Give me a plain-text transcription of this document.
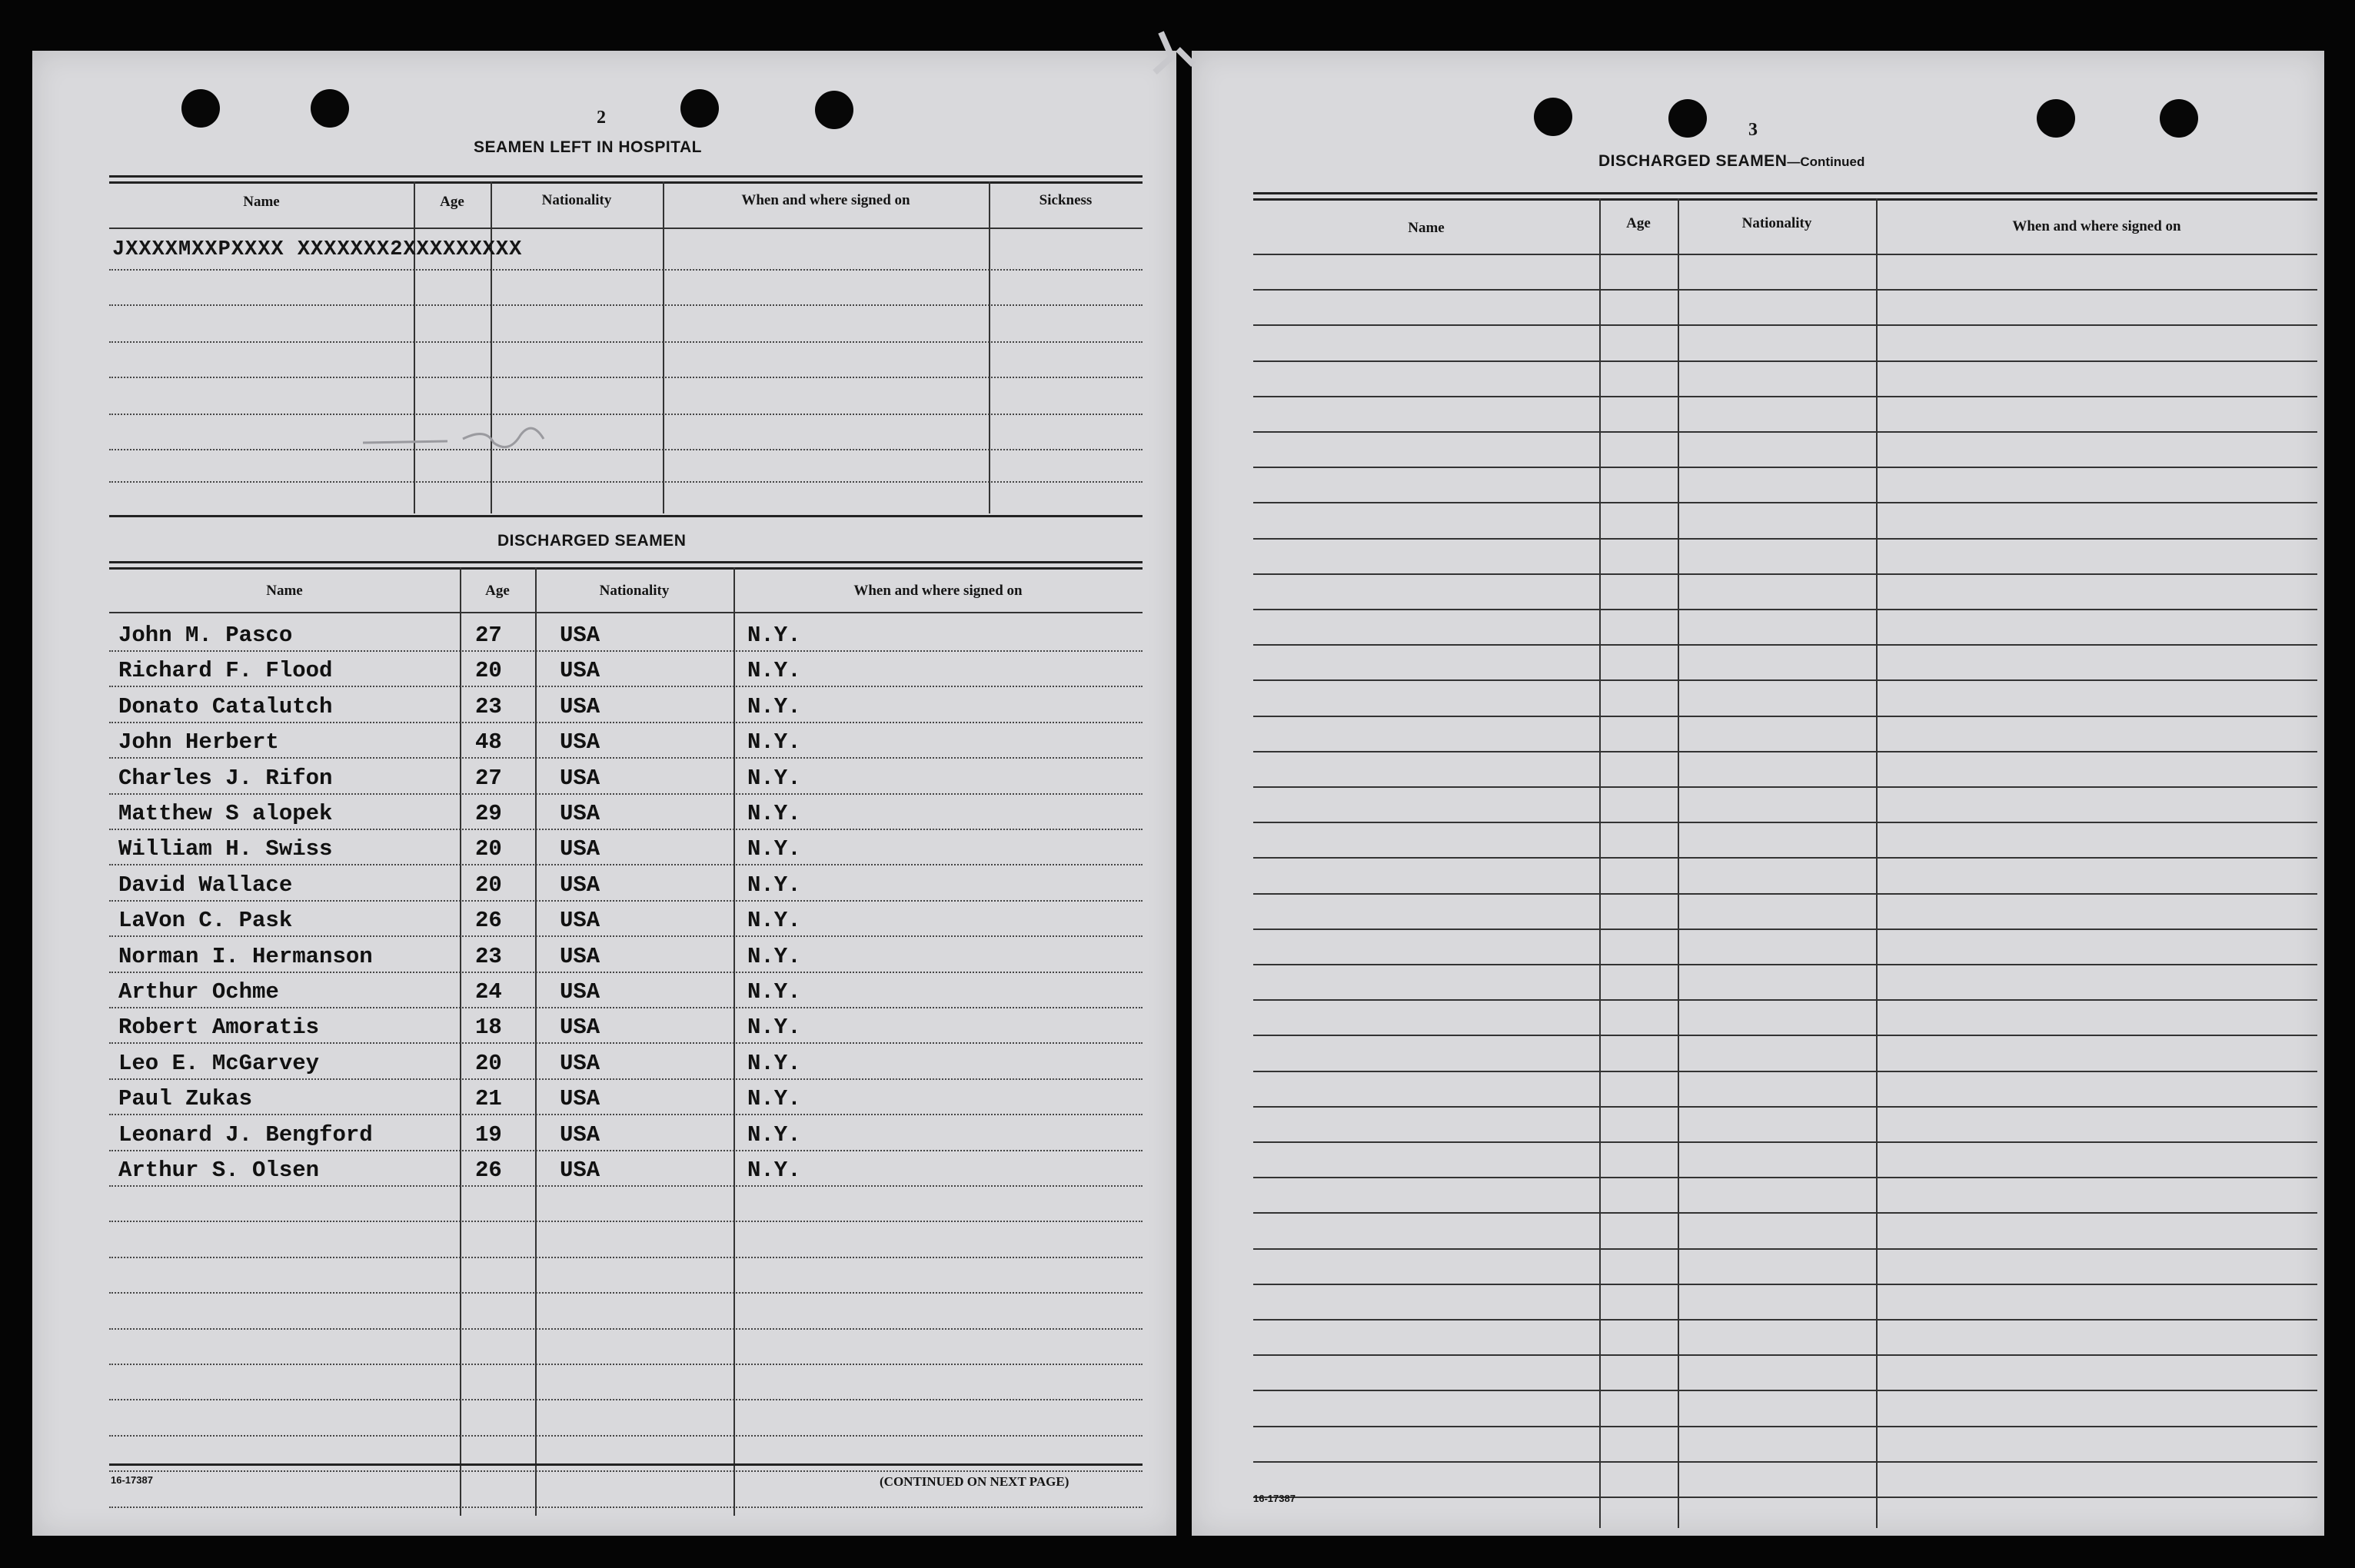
2
SEAMEN LEFT IN HOSPITAL
Name	Age	Nationality	When and where signed on	Sickness
JXXXXMXXPXXXX XXXXXXX2XXXXXXXXX
DISCHARGED SEAMEN
Name	Age	Nationality	When and where signed on
John M. Pasco	27	USA	N.Y.
Richard F. Flood	20	USA	N.Y.
Donato Catalutch	23	USA	N.Y.
John Herbert	48	USA	N.Y.
Charles J. Rifon	27	USA	N.Y.
Matthew S alopek	29	USA	N.Y.
William H. Swiss	20	USA	N.Y.
David Wallace	20	USA	N.Y.
LaVon C. Pask	26	USA	N.Y.
Norman I. Hermanson	23	USA	N.Y.
Arthur Ochme	24	USA	N.Y.
Robert Amoratis	18	USA	N.Y.
Leo E. McGarvey	20	USA	N.Y.
Paul Zukas	21	USA	N.Y.
Leonard J. Bengford	19	USA	N.Y.
Arthur S. Olsen	26	USA	N.Y.
16-17387	(CONTINUED ON NEXT PAGE)
3
DISCHARGED SEAMEN—Continued
Name	Age	Nationality	When and where signed on
16-17387
